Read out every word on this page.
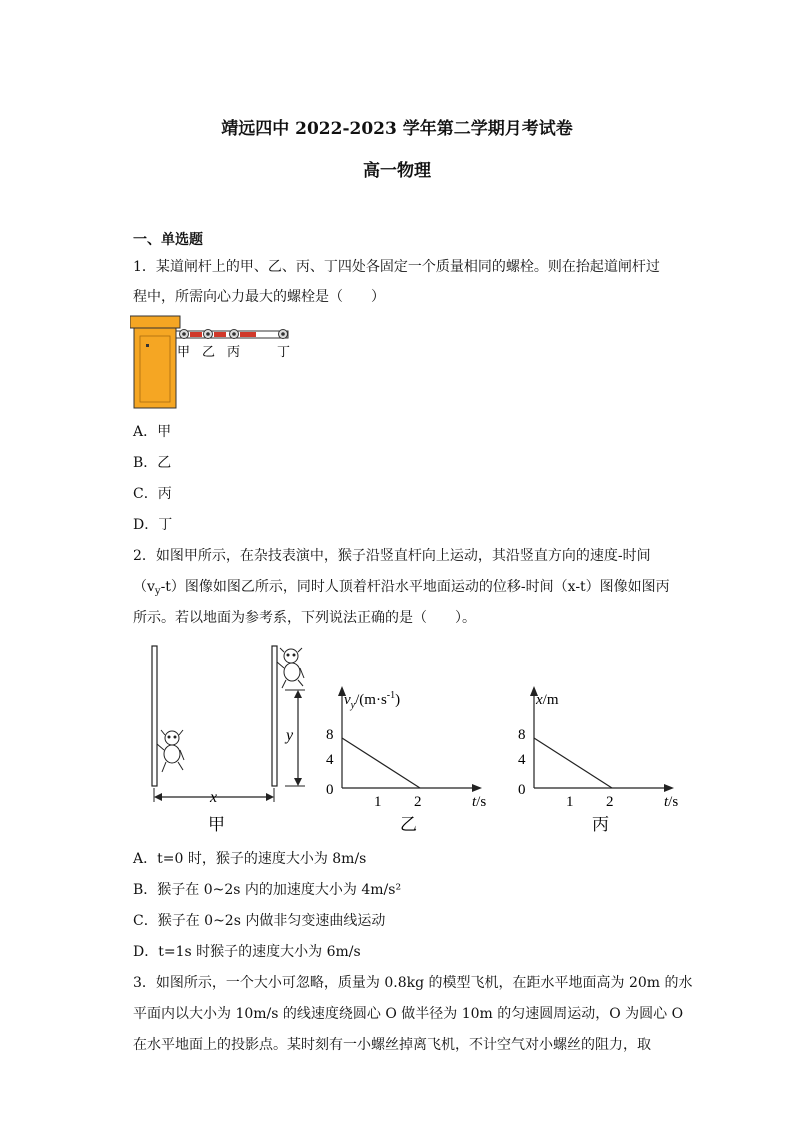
靖远四中 2022-2023 学年第二学期月考试卷
高一物理
一、单选题
1．某道闸杆上的甲、乙、丙、丁四处各固定一个质量相同的螺栓。则在抬起道闸杆过
程中，所需向心力最大的螺栓是（　　）
甲 乙 丙	丁
A．甲
B．乙
C．丙
D．丁
2．如图甲所示，在杂技表演中，猴子沿竖直杆向上运动，其沿竖直方向的速度-时间
$(v_y-t)$图像如图乙所示，同时人顶着杆沿水平地面运动的位移-时间（x-t）图像如图丙
所示。若以地面为参考系，下列说法正确的是（　　）。
y
x
甲
$v_y/(m\cdot s^{-1})$
t/s
0
4
8
1 2
乙
x/m
t/s
0
4
8
1 2
丙
A．t=0 时，猴子的速度大小为 8m/s
B．猴子在 0~2s 内的加速度大小为 4m/s²
C．猴子在 0~2s 内做非匀变速曲线运动
D．t=1s 时猴子的速度大小为 6m/s
3．如图所示，一个大小可忽略，质量为 0.8kg 的模型飞机，在距水平地面高为 20m 的水
平面内以大小为 10m/s 的线速度绕圆心 O 做半径为 10m 的匀速圆周运动，O 为圆心 O
在水平地面上的投影点。某时刻有一小螺丝掉离飞机，不计空气对小螺丝的阻力，取
